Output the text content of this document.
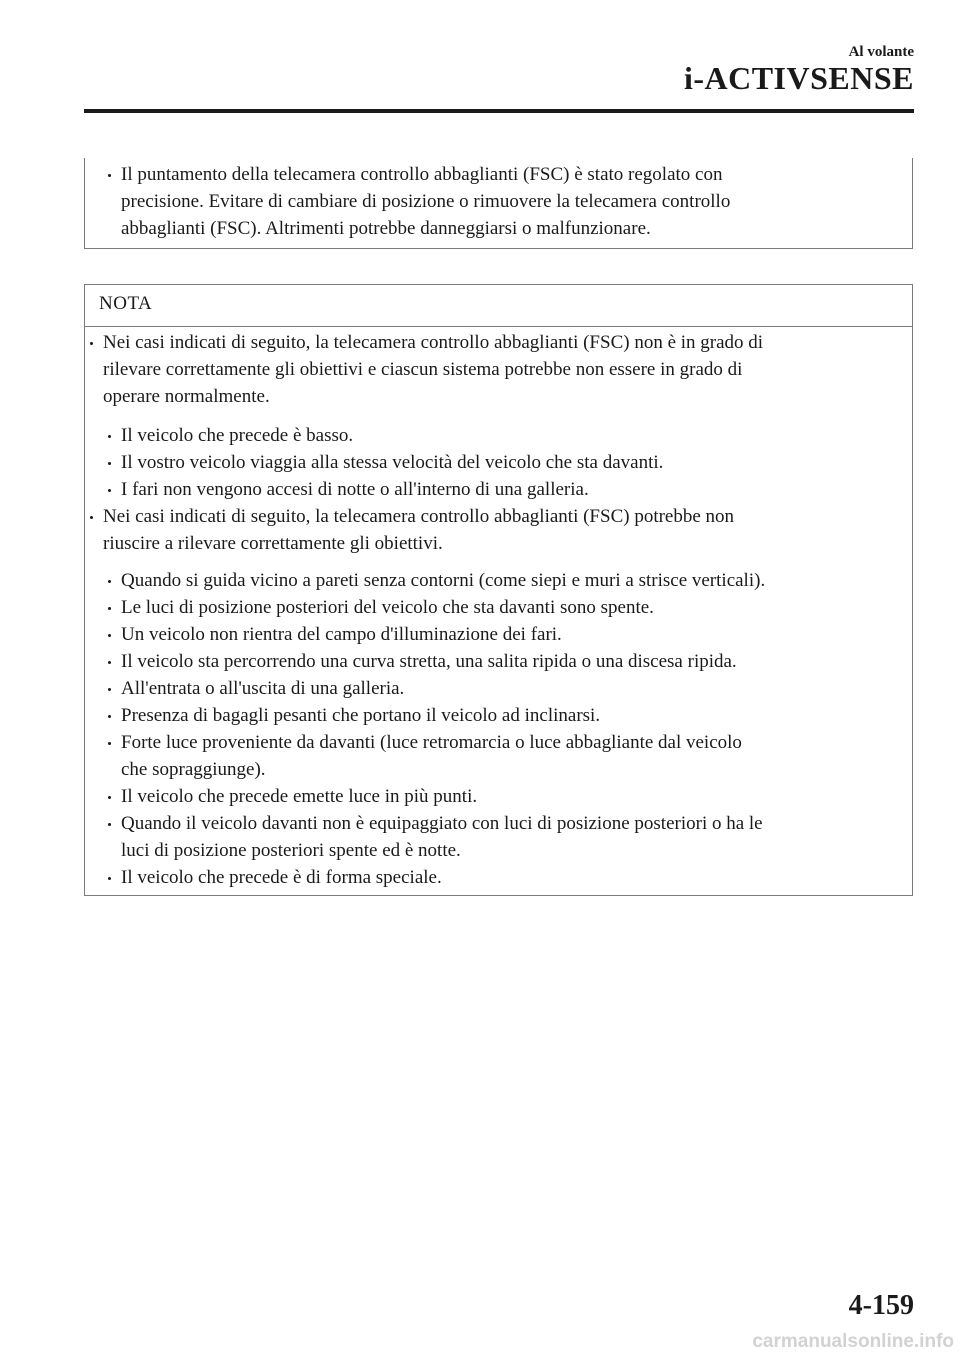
Al volante
i-ACTIVSENSE
Il puntamento della telecamera controllo abbaglianti (FSC) è stato regolato con
precisione. Evitare di cambiare di posizione o rimuovere la telecamera controllo
abbaglianti (FSC). Altrimenti potrebbe danneggiarsi o malfunzionare.
NOTA
Nei casi indicati di seguito, la telecamera controllo abbaglianti (FSC) non è in grado di
rilevare correttamente gli obiettivi e ciascun sistema potrebbe non essere in grado di
operare normalmente.
Il veicolo che precede è basso.
Il vostro veicolo viaggia alla stessa velocità del veicolo che sta davanti.
I fari non vengono accesi di notte o all'interno di una galleria.
Nei casi indicati di seguito, la telecamera controllo abbaglianti (FSC) potrebbe non
riuscire a rilevare correttamente gli obiettivi.
Quando si guida vicino a pareti senza contorni (come siepi e muri a strisce verticali).
Le luci di posizione posteriori del veicolo che sta davanti sono spente.
Un veicolo non rientra del campo d'illuminazione dei fari.
Il veicolo sta percorrendo una curva stretta, una salita ripida o una discesa ripida.
All'entrata o all'uscita di una galleria.
Presenza di bagagli pesanti che portano il veicolo ad inclinarsi.
Forte luce proveniente da davanti (luce retromarcia o luce abbagliante dal veicolo
che sopraggiunge).
Il veicolo che precede emette luce in più punti.
Quando il veicolo davanti non è equipaggiato con luci di posizione posteriori o ha le
luci di posizione posteriori spente ed è notte.
Il veicolo che precede è di forma speciale.
4-159
carmanualsonline.info
